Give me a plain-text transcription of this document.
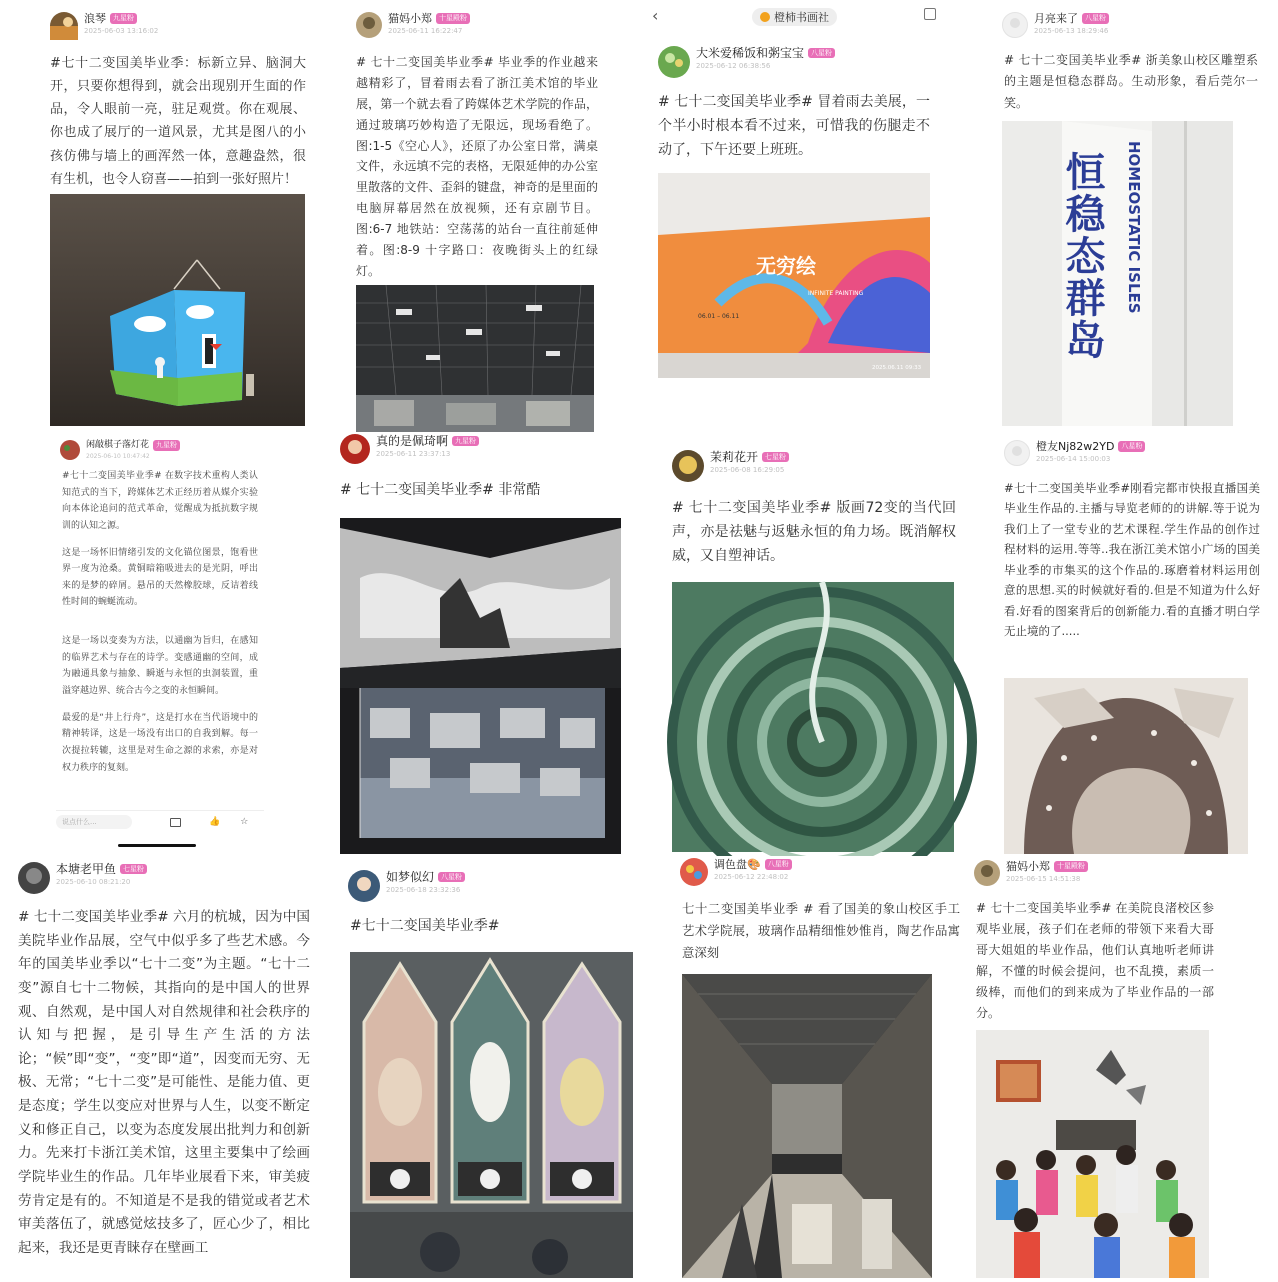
浪琴	九星粉
2025-06-03 13:16:02

#七十二变国美毕业季：标新立异、脑洞大开，只要你想得到，就会出现别开生面的作品，令人眼前一亮，驻足观赏。你在观展、你也成了展厅的一道风景，尤其是图八的小孩仿佛与墙上的画浑然一体，意趣盎然，很有生机，也令人窃喜——拍到一张好照片！

猫妈小郑	十星殿粉
2025-06-11 16:22:47

# 七十二变国美毕业季# 毕业季的作业越来越精彩了，冒着雨去看了浙江美术馆的毕业展，第一个就去看了跨媒体艺术学院的作品，通过玻璃巧妙构造了无限远，现场看绝了。图:1-5《空心人》，还原了办公室日常，满桌文件，永远填不完的表格，无限延伸的办公室里散落的文件、歪斜的键盘，神奇的是里面的电脑屏幕居然在放视频，还有京剧节目。图:6-7 地铁站：空荡荡的站台一直往前延伸着。图:8-9 十字路口：夜晚街头上的红绿灯。

‹	橙柿书画社
大米爱稀饭和粥宝宝	八星粉
2025-06-12 06:38:56

# 七十二变国美毕业季# 冒着雨去美展，一个半小时根本看不过来，可惜我的伤腿走不动了，下午还要上班班。

无穷绘
INFINITE PAINTING
06.01 – 06.11
2025.06.11 09:33
月亮来了	八星粉
2025-06-13 18:29:46

# 七十二变国美毕业季# 浙美象山校区雕塑系的主题是恒稳态群岛。生动形象，看后莞尔一笑。

恒稳态群岛 HOMEOSTATIC ISLES
闲敲棋子落灯花	九星粉
2025-06-10 10:47:42

#七十二变国美毕业季# 在数字技术重构人类认知范式的当下，跨媒体艺术正经历着从媒介实验向本体论追问的范式革命，觉醒成为抵抗数字规训的认知之源。

这是一场怀旧情绪引发的文化锚位图景，饱看世界一度为沧桑。黄铜暗箱吸进去的是光阴，呼出来的是梦的碎屑。悬吊的天然橡胶球，反诘着线性时间的蜿蜒流动。

这是一场以变奏为方法，以通幽为旨归，在感知的临界艺术与存在的诗学。变感通幽的空间，成为融通具象与抽象、瞬逝与永恒的虫洞装置，重溢穿越边界、统合古今之变的永恒瞬间。

最爱的是“井上行舟”，这是打水在当代语境中的精神转译，这是一场没有出口的自我到解。每一次提拉转辘，这里是对生命之源的求索，亦是对权力秩序的复刻。

说点什么...	👍 ☆
真的是佩琦啊	九星粉
2025-06-11 23:37:13

# 七十二变国美毕业季# 非常酷

茉莉花开	七星粉
2025-06-08 16:29:05

# 七十二变国美毕业季# 版画72变的当代回声，亦是祛魅与返魅永恒的角力场。既消解权威，又自塑神话。

橙友Nj82w2YD	八星粉
2025-06-14 15:00:03

#七十二变国美毕业季#刚看完都市快报直播国美毕业生作品的.主播与导览老师的的讲解.等于说为我们上了一堂专业的艺术课程.学生作品的创作过程材料的运用.等等..我在浙江美术馆小广场的国美毕业季的市集买的这个作品的.琢磨着材料运用创意的思想.买的时候就好看的.但是不知道为什么好看.好看的图案背后的创新能力.看的直播才明白学无止境的了.....

本塘老甲鱼	七星粉
2025-06-10 08:21:20

# 七十二变国美毕业季# 六月的杭城，因为中国美院毕业作品展，空气中似乎多了些艺术感。今年的国美毕业季以“七十二变”为主题。“七十二变”源自七十二物候，其指向的是中国人的世界观、自然观，是中国人对自然规律和社会秩序的认知与把握，是引导生产生活的方法论；“候”即“变”，“变”即“道”，因变而无穷、无极、无常；“七十二变”是可能性、是能力值、更是态度；学生以变应对世界与人生，以变不断定义和修正自己，以变为态度发展出批判力和创新力。先来打卡浙江美术馆，这里主要集中了绘画学院毕业生的作品。几年毕业展看下来，审美疲劳肯定是有的。不知道是不是我的错觉或者艺术审美落伍了，就感觉炫技多了，匠心少了，相比起来，我还是更青睐存在壁画工

如梦似幻	八星粉
2025-06-18 23:32:36

#七十二变国美毕业季#

调色盘🎨	八星粉
2025-06-12 22:48:02

七十二变国美毕业季 # 看了国美的象山校区手工艺术学院展，玻璃作品精细惟妙惟肖，陶艺作品寓意深刻

猫妈小郑	十星殿粉
2025-06-15 14:51:38

# 七十二变国美毕业季# 在美院良渚校区参观毕业展，孩子们在老师的带领下来看大哥哥大姐姐的毕业作品，他们认真地听老师讲解，不懂的时候会提问，也不乱摸，素质一级棒，而他们的到来成为了毕业作品的一部分。
